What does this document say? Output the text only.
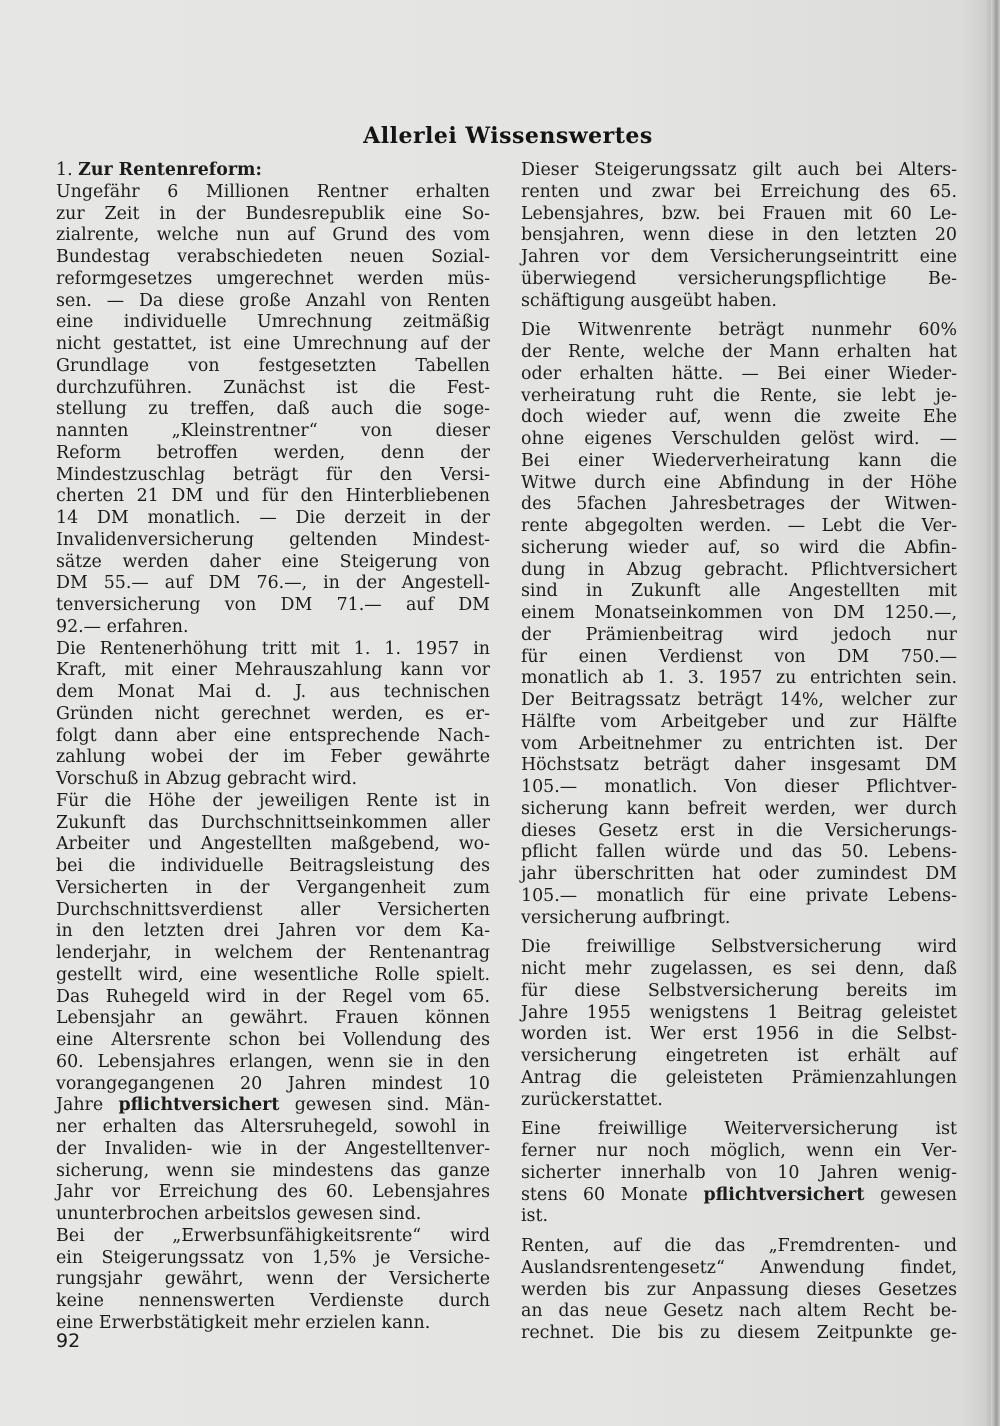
Allerlei Wissenswertes
1. Zur Rentenreform:
Ungefähr 6 Millionen Rentner erhalten
zur Zeit in der Bundesrepublik eine So-
zialrente, welche nun auf Grund des vom
Bundestag verabschiedeten neuen Sozial-
reformgesetzes umgerechnet werden müs-
sen. — Da diese große Anzahl von Renten
eine individuelle Umrechnung zeitmäßig
nicht gestattet, ist eine Umrechnung auf der
Grundlage von festgesetzten Tabellen
durchzuführen. Zunächst ist die Fest-
stellung zu treffen, daß auch die soge-
nannten „Kleinstrentner“ von dieser
Reform betroffen werden, denn der
Mindestzuschlag beträgt für den Versi-
cherten 21 DM und für den Hinterbliebenen
14 DM monatlich. — Die derzeit in der
Invalidenversicherung geltenden Mindest-
sätze werden daher eine Steigerung von
DM 55.— auf DM 76.—, in der Angestell-
tenversicherung von DM 71.— auf DM
92.— erfahren.
Die Rentenerhöhung tritt mit 1. 1. 1957 in
Kraft, mit einer Mehrauszahlung kann vor
dem Monat Mai d. J. aus technischen
Gründen nicht gerechnet werden, es er-
folgt dann aber eine entsprechende Nach-
zahlung wobei der im Feber gewährte
Vorschuß in Abzug gebracht wird.
Für die Höhe der jeweiligen Rente ist in
Zukunft das Durchschnittseinkommen aller
Arbeiter und Angestellten maßgebend, wo-
bei die individuelle Beitragsleistung des
Versicherten in der Vergangenheit zum
Durchschnittsverdienst aller Versicherten
in den letzten drei Jahren vor dem Ka-
lenderjahr, in welchem der Rentenantrag
gestellt wird, eine wesentliche Rolle spielt.
Das Ruhegeld wird in der Regel vom 65.
Lebensjahr an gewährt. Frauen können
eine Altersrente schon bei Vollendung des
60. Lebensjahres erlangen, wenn sie in den
vorangegangenen 20 Jahren mindest 10
Jahre pflichtversichert gewesen sind. Män-
ner erhalten das Altersruhegeld, sowohl in
der Invaliden- wie in der Angestelltenver-
sicherung, wenn sie mindestens das ganze
Jahr vor Erreichung des 60. Lebensjahres
ununterbrochen arbeitslos gewesen sind.
Bei der „Erwerbsunfähigkeitsrente“ wird
ein Steigerungssatz von 1,5% je Versiche-
rungsjahr gewährt, wenn der Versicherte
keine nennenswerten Verdienste durch
eine Erwerbstätigkeit mehr erzielen kann.
Dieser Steigerungssatz gilt auch bei Alters-
renten und zwar bei Erreichung des 65.
Lebensjahres, bzw. bei Frauen mit 60 Le-
bensjahren, wenn diese in den letzten 20
Jahren vor dem Versicherungseintritt eine
überwiegend versicherungspflichtige Be-
schäftigung ausgeübt haben.
Die Witwenrente beträgt nunmehr 60%
der Rente, welche der Mann erhalten hat
oder erhalten hätte. — Bei einer Wieder-
verheiratung ruht die Rente, sie lebt je-
doch wieder auf, wenn die zweite Ehe
ohne eigenes Verschulden gelöst wird. —
Bei einer Wiederverheiratung kann die
Witwe durch eine Abfindung in der Höhe
des 5fachen Jahresbetrages der Witwen-
rente abgegolten werden. — Lebt die Ver-
sicherung wieder auf, so wird die Abfin-
dung in Abzug gebracht. Pflichtversichert
sind in Zukunft alle Angestellten mit
einem Monatseinkommen von DM 1250.—,
der Prämienbeitrag wird jedoch nur
für einen Verdienst von DM 750.—
monatlich ab 1. 3. 1957 zu entrichten sein.
Der Beitragssatz beträgt 14%, welcher zur
Hälfte vom Arbeitgeber und zur Hälfte
vom Arbeitnehmer zu entrichten ist. Der
Höchstsatz beträgt daher insgesamt DM
105.— monatlich. Von dieser Pflichtver-
sicherung kann befreit werden, wer durch
dieses Gesetz erst in die Versicherungs-
pflicht fallen würde und das 50. Lebens-
jahr überschritten hat oder zumindest DM
105.— monatlich für eine private Lebens-
versicherung aufbringt.
Die freiwillige Selbstversicherung wird
nicht mehr zugelassen, es sei denn, daß
für diese Selbstversicherung bereits im
Jahre 1955 wenigstens 1 Beitrag geleistet
worden ist. Wer erst 1956 in die Selbst-
versicherung eingetreten ist erhält auf
Antrag die geleisteten Prämienzahlungen
zurückerstattet.
Eine freiwillige Weiterversicherung ist
ferner nur noch möglich, wenn ein Ver-
sicherter innerhalb von 10 Jahren wenig-
stens 60 Monate pflichtversichert gewesen
ist.
Renten, auf die das „Fremdrenten- und
Auslandsrentengesetz“ Anwendung findet,
werden bis zur Anpassung dieses Gesetzes
an das neue Gesetz nach altem Recht be-
rechnet. Die bis zu diesem Zeitpunkte ge-
92
